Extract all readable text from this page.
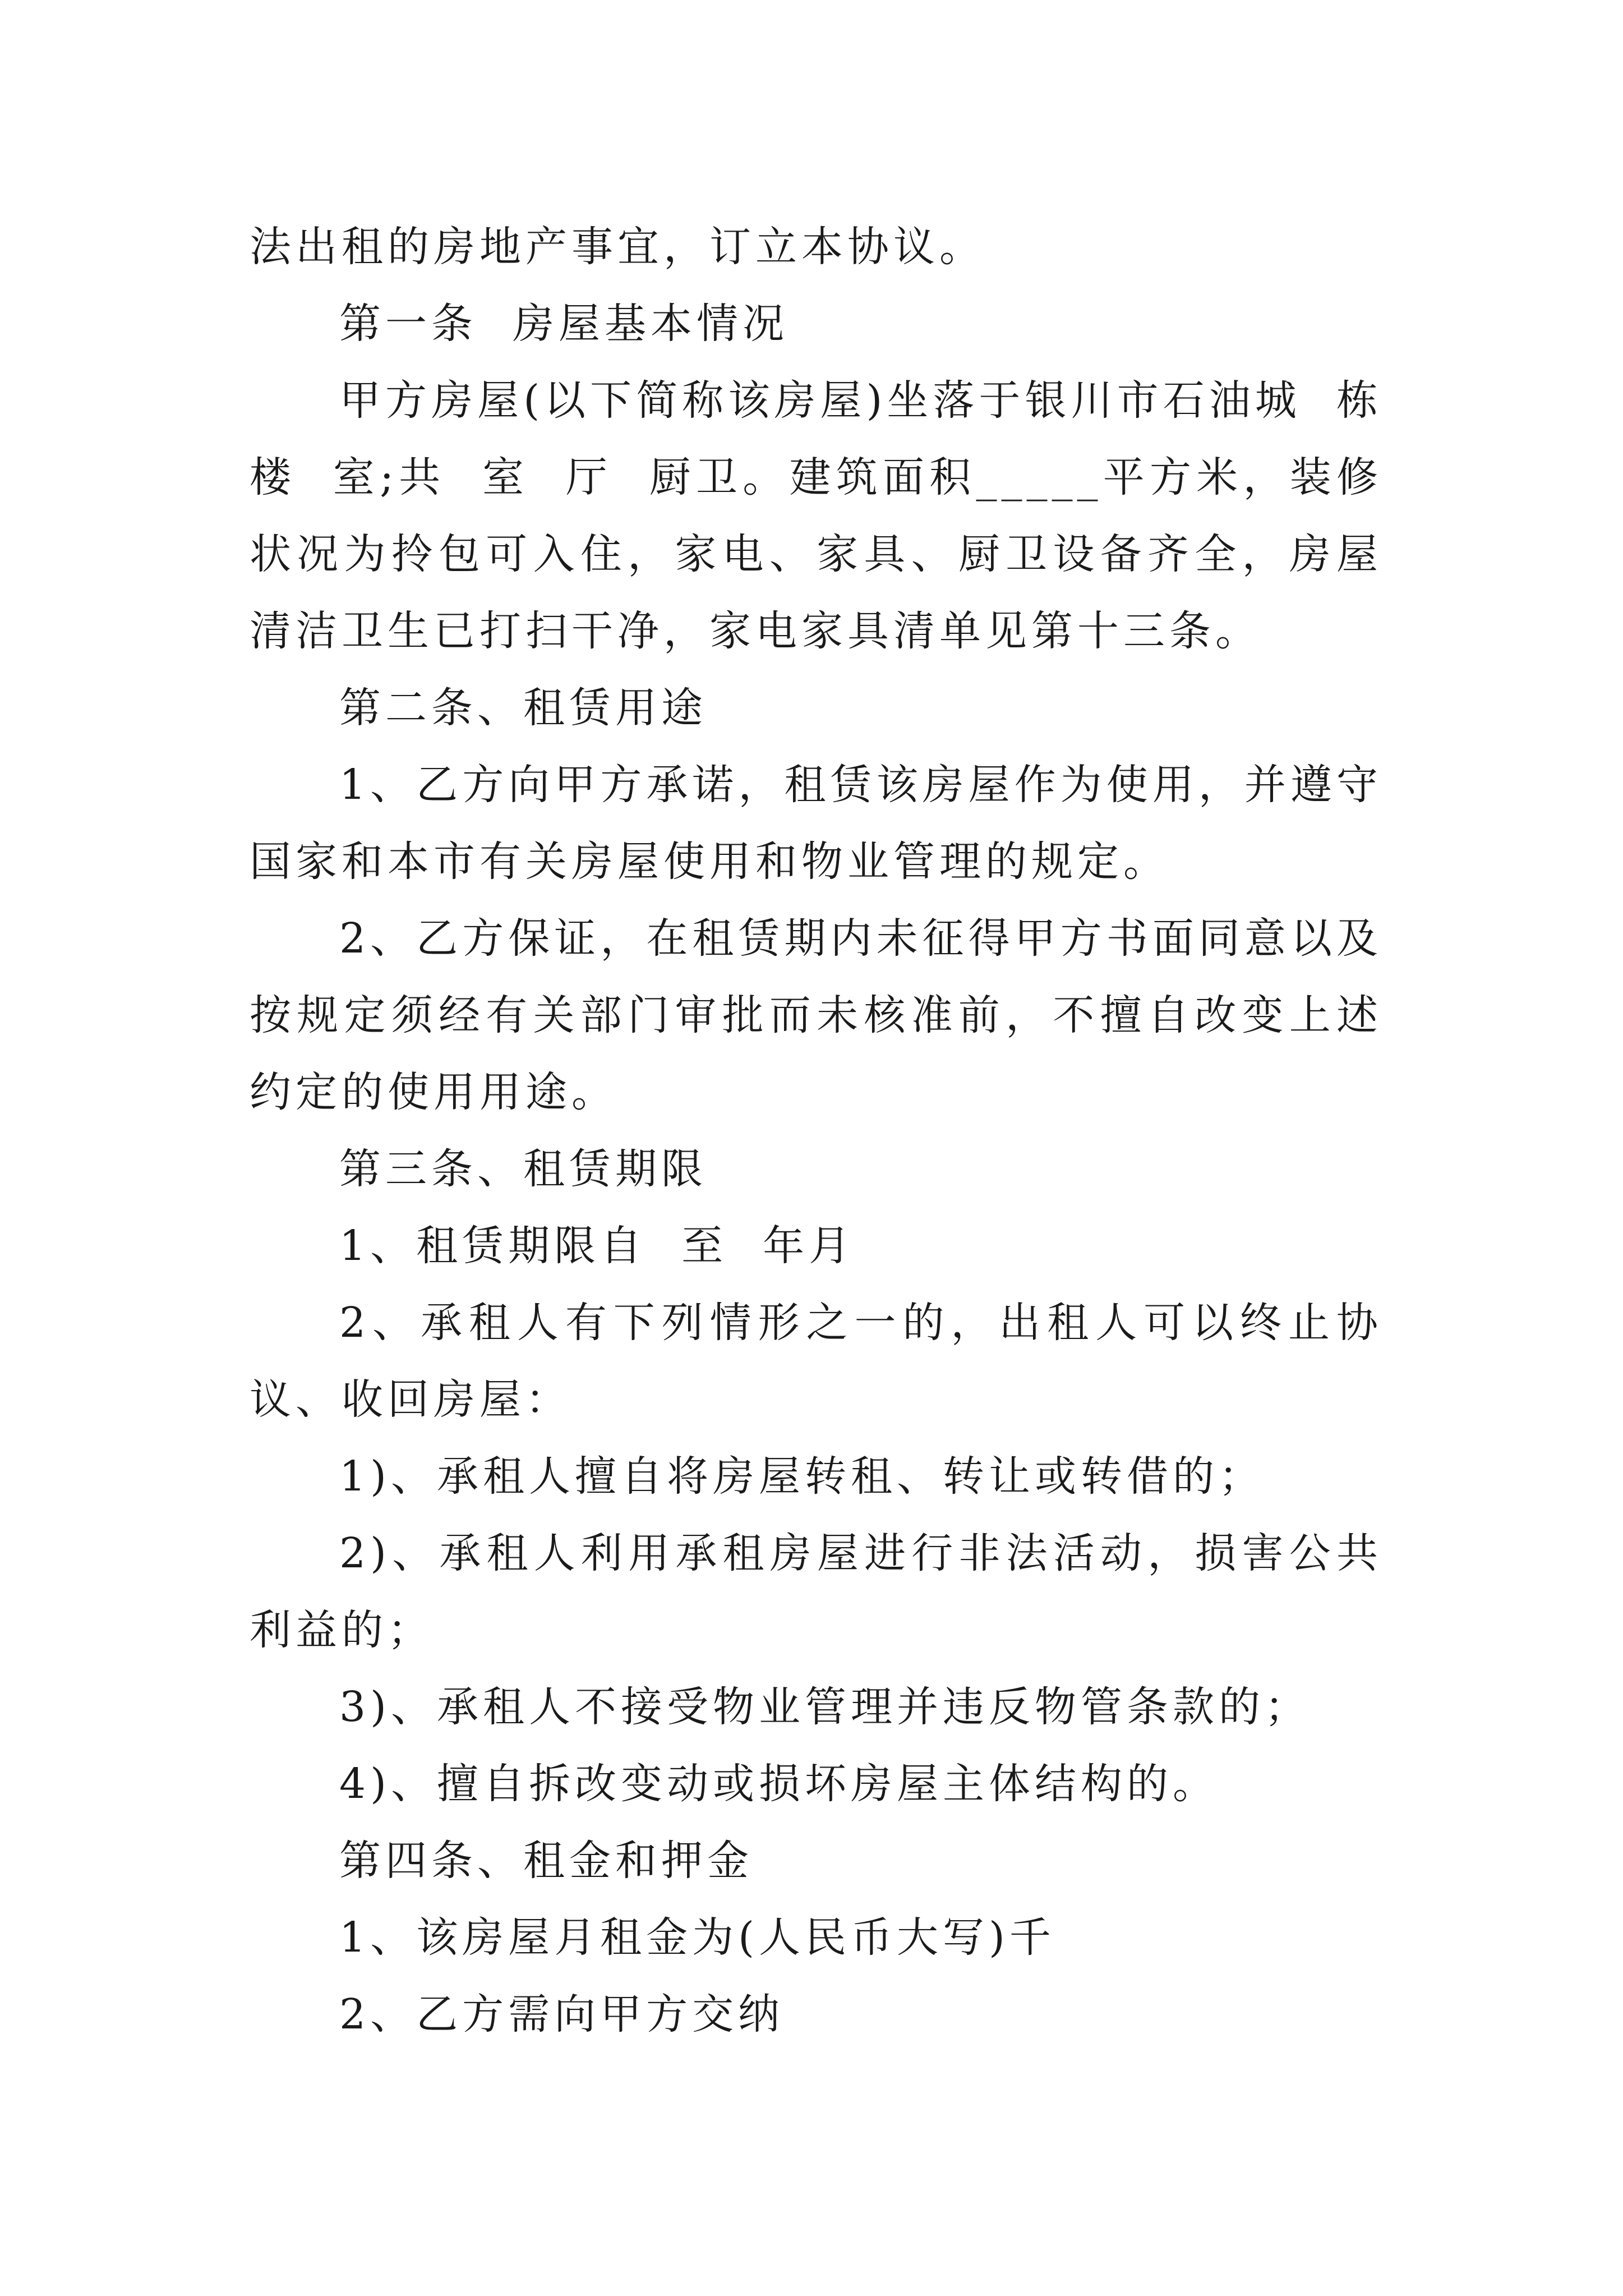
法出租的房地产事宜，订立本协议。

第一条  房屋基本情况

甲方房屋(以下简称该房屋)坐落于银川市石油城  栋  楼  室;共  室  厅  厨卫。建筑面积_____平方米，装修状况为拎包可入住，家电、家具、厨卫设备齐全，房屋清洁卫生已打扫干净，家电家具清单见第十三条。

第二条、租赁用途

1、乙方向甲方承诺，租赁该房屋作为使用，并遵守国家和本市有关房屋使用和物业管理的规定。

2、乙方保证，在租赁期内未征得甲方书面同意以及按规定须经有关部门审批而未核准前，不擅自改变上述约定的使用用途。

第三条、租赁期限

1、租赁期限自  至  年月

2、承租人有下列情形之一的，出租人可以终止协议、收回房屋：

1)、承租人擅自将房屋转租、转让或转借的；

2)、承租人利用承租房屋进行非法活动，损害公共利益的；

3)、承租人不接受物业管理并违反物管条款的；

4)、擅自拆改变动或损坏房屋主体结构的。

第四条、租金和押金

1、该房屋月租金为(人民币大写)千

2、乙方需向甲方交纳
